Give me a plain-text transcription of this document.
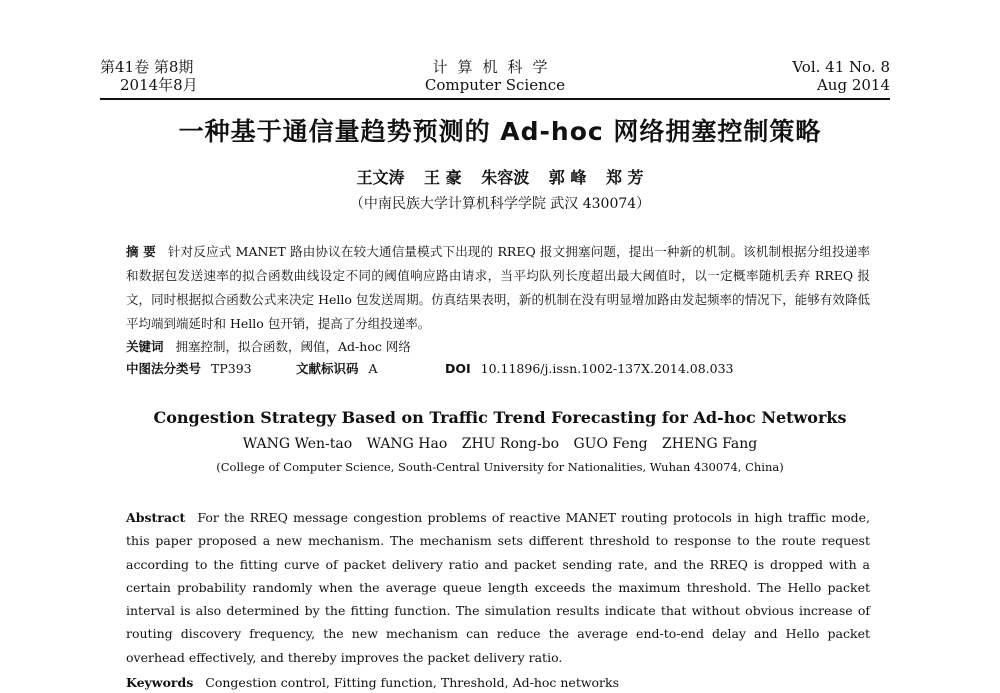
第41卷 第8期
2014年8月
计算机科学
Computer Science
Vol. 41 No. 8
Aug 2014
一种基于通信量趋势预测的 Ad-hoc 网络拥塞控制策略
王文涛 王 豪 朱容波 郭 峰 郑 芳
（中南民族大学计算机科学学院 武汉 430074）
摘 要 针对反应式 MANET 路由协议在较大通信量模式下出现的 RREQ 报文拥塞问题，提出一种新的机制。该机制根据分组投递率和数据包发送速率的拟合函数曲线设定不同的阈值响应路由请求，当平均队列长度超出最大阈值时，以一定概率随机丢弃 RREQ 报文，同时根据拟合函数公式来决定 Hello 包发送周期。仿真结果表明，新的机制在没有明显增加路由发起频率的情况下，能够有效降低平均端到端延时和 Hello 包开销，提高了分组投递率。
关键词 拥塞控制，拟合函数，阈值，Ad-hoc 网络
中图法分类号 TP393	文献标识码 A	DOI 10.11896/j.issn.1002-137X.2014.08.033
Congestion Strategy Based on Traffic Trend Forecasting for Ad-hoc Networks
WANG Wen-tao WANG Hao ZHU Rong-bo GUO Feng ZHENG Fang
(College of Computer Science, South-Central University for Nationalities, Wuhan 430074, China)
Abstract For the RREQ message congestion problems of reactive MANET routing protocols in high traffic mode, this paper proposed a new mechanism. The mechanism sets different threshold to response to the route request according to the fitting curve of packet delivery ratio and packet sending rate, and the RREQ is dropped with a certain probability randomly when the average queue length exceeds the maximum threshold. The Hello packet interval is also determined by the fitting function. The simulation results indicate that without obvious increase of routing discovery frequency, the new mechanism can reduce the average end-to-end delay and Hello packet overhead effectively, and thereby improves the packet delivery ratio.
Keywords Congestion control, Fitting function, Threshold, Ad-hoc networks
